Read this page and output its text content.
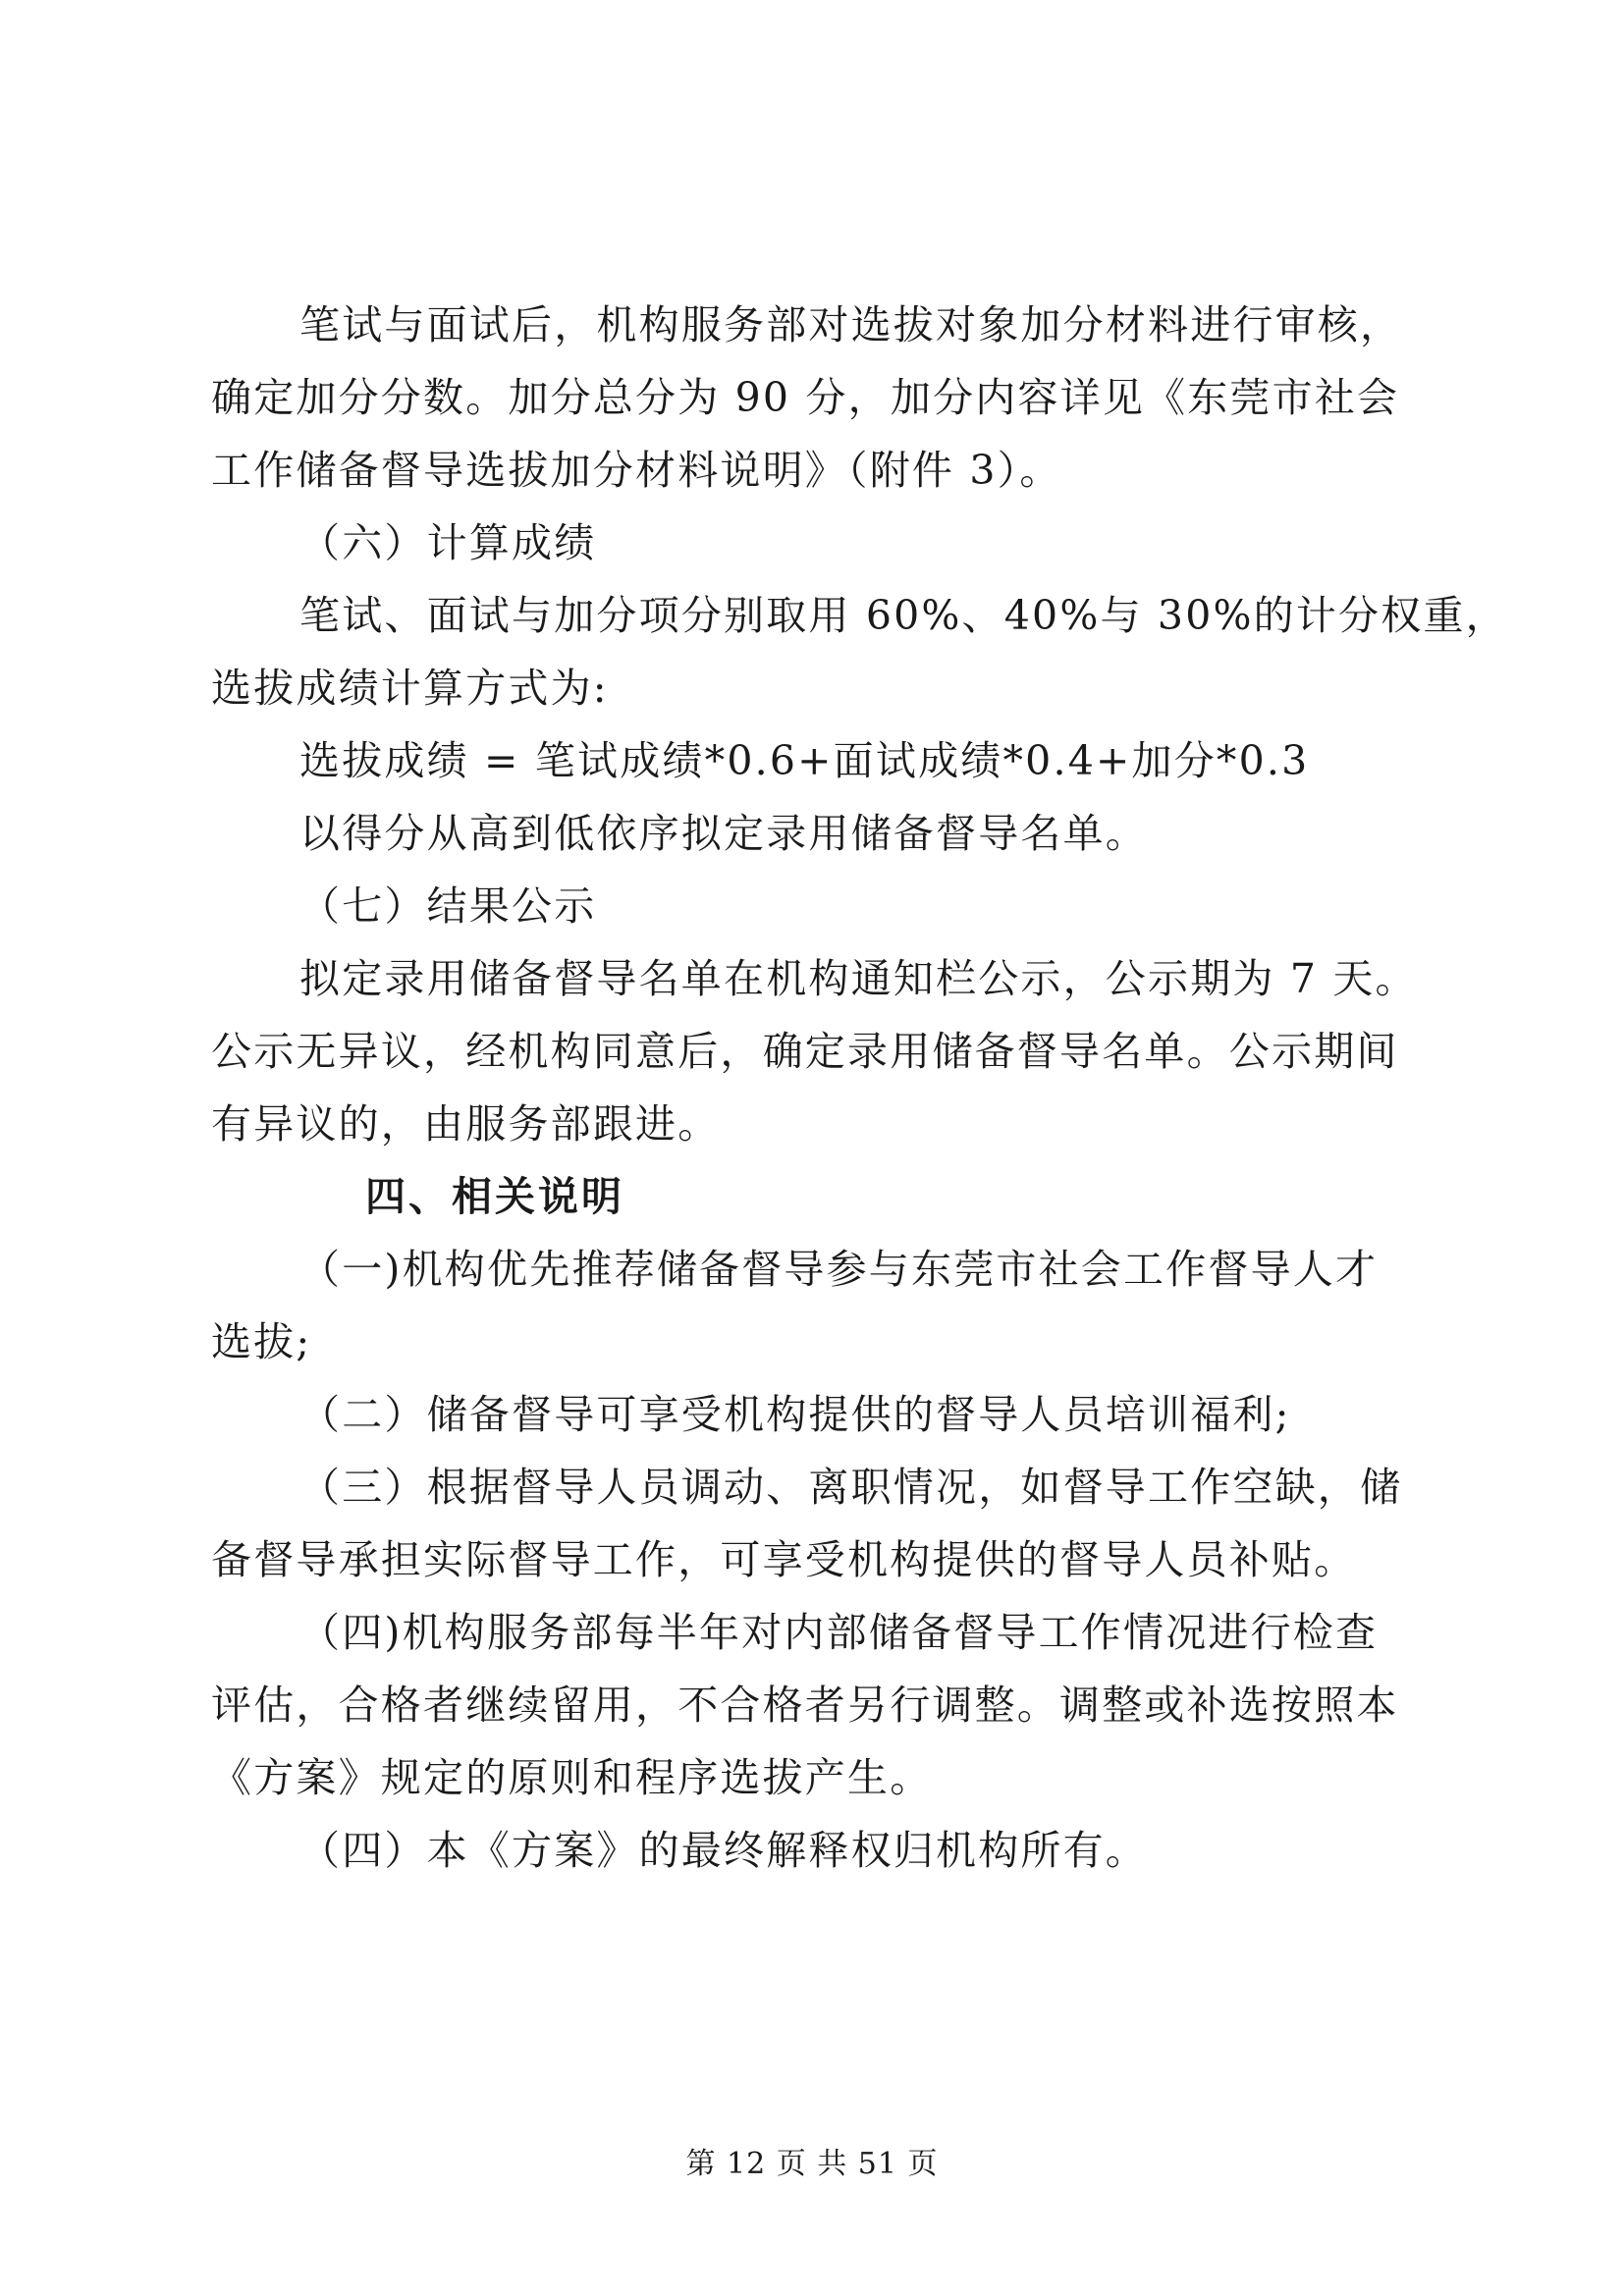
笔试与面试后，机构服务部对选拔对象加分材料进行审核，
确定加分分数。加分总分为 90 分，加分内容详见《东莞市社会
工作储备督导选拔加分材料说明》（附件 3）。
（六）计算成绩
笔试、面试与加分项分别取用 60%、40%与 30%的计分权重，
选拔成绩计算方式为:
选拔成绩 = 笔试成绩*0.6+面试成绩*0.4+加分*0.3
以得分从高到低依序拟定录用储备督导名单。
（七）结果公示
拟定录用储备督导名单在机构通知栏公示，公示期为 7 天。
公示无异议，经机构同意后，确定录用储备督导名单。公示期间
有异议的，由服务部跟进。
四、相关说明
（一)机构优先推荐储备督导参与东莞市社会工作督导人才
选拔;
（二）储备督导可享受机构提供的督导人员培训福利;
（三）根据督导人员调动、离职情况，如督导工作空缺，储
备督导承担实际督导工作，可享受机构提供的督导人员补贴。
（四)机构服务部每半年对内部储备督导工作情况进行检查
评估，合格者继续留用，不合格者另行调整。调整或补选按照本
《方案》规定的原则和程序选拔产生。
（四）本《方案》的最终解释权归机构所有。
第 12 页 共 51 页
